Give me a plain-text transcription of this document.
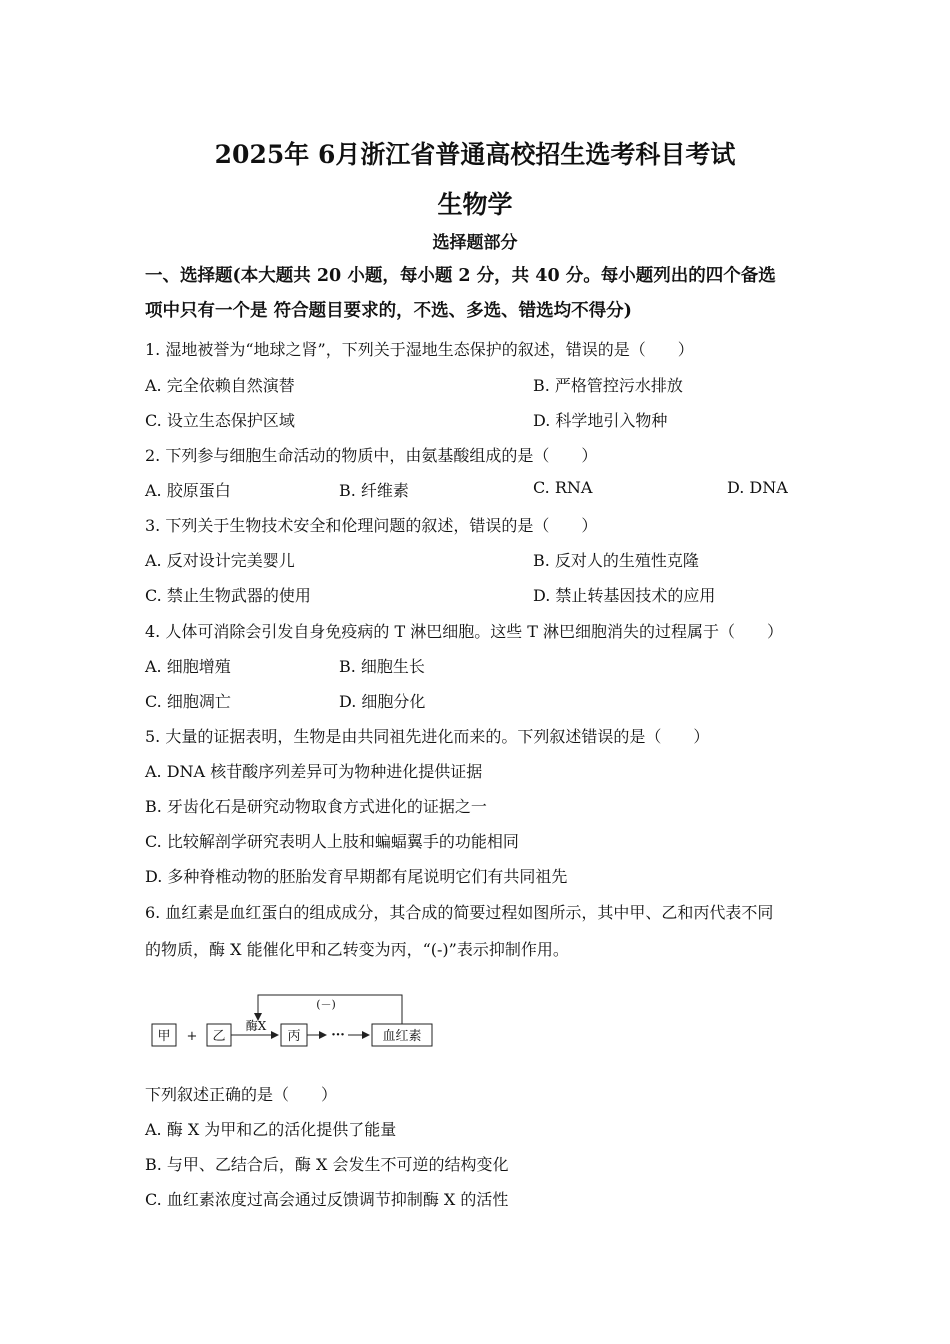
2025年 6月浙江省普通高校招生选考科目考试
生物学
选择题部分
一、选择题(本大题共 20 小题，每小题 2 分，共 40 分。每小题列出的四个备选
项中只有一个是 符合题目要求的，不选、多选、错选均不得分)
1. 湿地被誉为“地球之肾”，下列关于湿地生态保护的叙述，错误的是（　　）
A. 完全依赖自然演替	B. 严格管控污水排放
C. 设立生态保护区域	D. 科学地引入物种
2. 下列参与细胞生命活动的物质中，由氨基酸组成的是（　　）
A. 胶原蛋白	B. 纤维素	C. RNA	D. DNA
3. 下列关于生物技术安全和伦理问题的叙述，错误的是（　　）
A. 反对设计完美婴儿	B. 反对人的生殖性克隆
C. 禁止生物武器的使用	D. 禁止转基因技术的应用
4. 人体可消除会引发自身免疫病的 T 淋巴细胞。这些 T 淋巴细胞消失的过程属于（　　）
A. 细胞增殖	B. 细胞生长
C. 细胞凋亡	D. 细胞分化
5. 大量的证据表明，生物是由共同祖先进化而来的。下列叙述错误的是（　　）
A. DNA 核苷酸序列差异可为物种进化提供证据
B. 牙齿化石是研究动物取食方式进化的证据之一
C. 比较解剖学研究表明人上肢和蝙蝠翼手的功能相同
D. 多种脊椎动物的胚胎发育早期都有尾说明它们有共同祖先
6. 血红素是血红蛋白的组成成分，其合成的简要过程如图所示，其中甲、乙和丙代表不同
的物质，酶 X 能催化甲和乙转变为丙，“(-)”表示抑制作用。
甲 + 乙
酶X
丙 ···	血红素
(－)
下列叙述正确的是（　　）
A. 酶 X 为甲和乙的活化提供了能量
B. 与甲、乙结合后，酶 X 会发生不可逆的结构变化
C. 血红素浓度过高会通过反馈调节抑制酶 X 的活性
